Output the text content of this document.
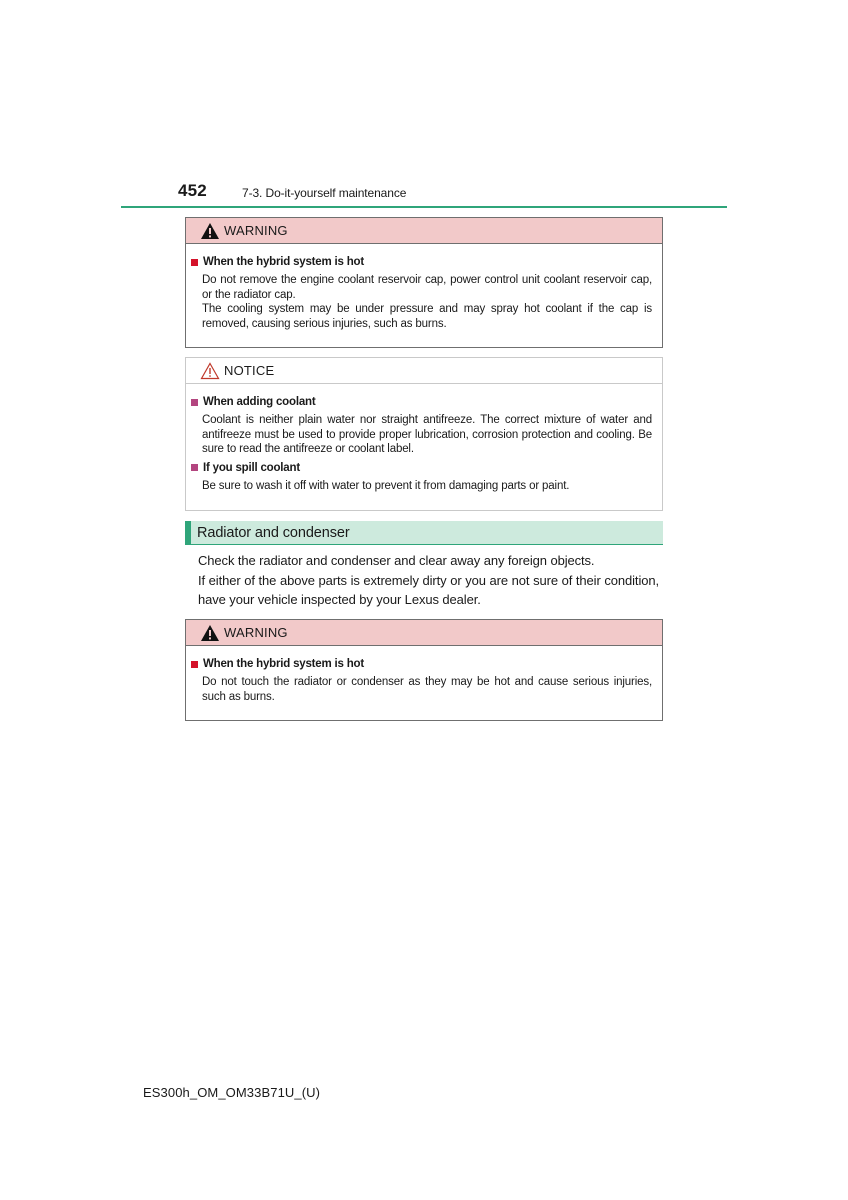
452	7-3. Do-it-yourself maintenance
WARNING
When the hybrid system is hot

Do not remove the engine coolant reservoir cap, power control unit coolant reservoir cap, or the radiator cap.

The cooling system may be under pressure and may spray hot coolant if the cap is removed, causing serious injuries, such as burns.

NOTICE
When adding coolant

Coolant is neither plain water nor straight antifreeze. The correct mixture of water and antifreeze must be used to provide proper lubrication, corrosion protection and cooling. Be sure to read the antifreeze or coolant label.

If you spill coolant

Be sure to wash it off with water to prevent it from damaging parts or paint.

Radiator and condenser

Check the radiator and condenser and clear away any foreign objects.

If either of the above parts is extremely dirty or you are not sure of their condition, have your vehicle inspected by your Lexus dealer.

WARNING
When the hybrid system is hot

Do not touch the radiator or condenser as they may be hot and cause serious injuries, such as burns.

ES300h_OM_OM33B71U_(U)
